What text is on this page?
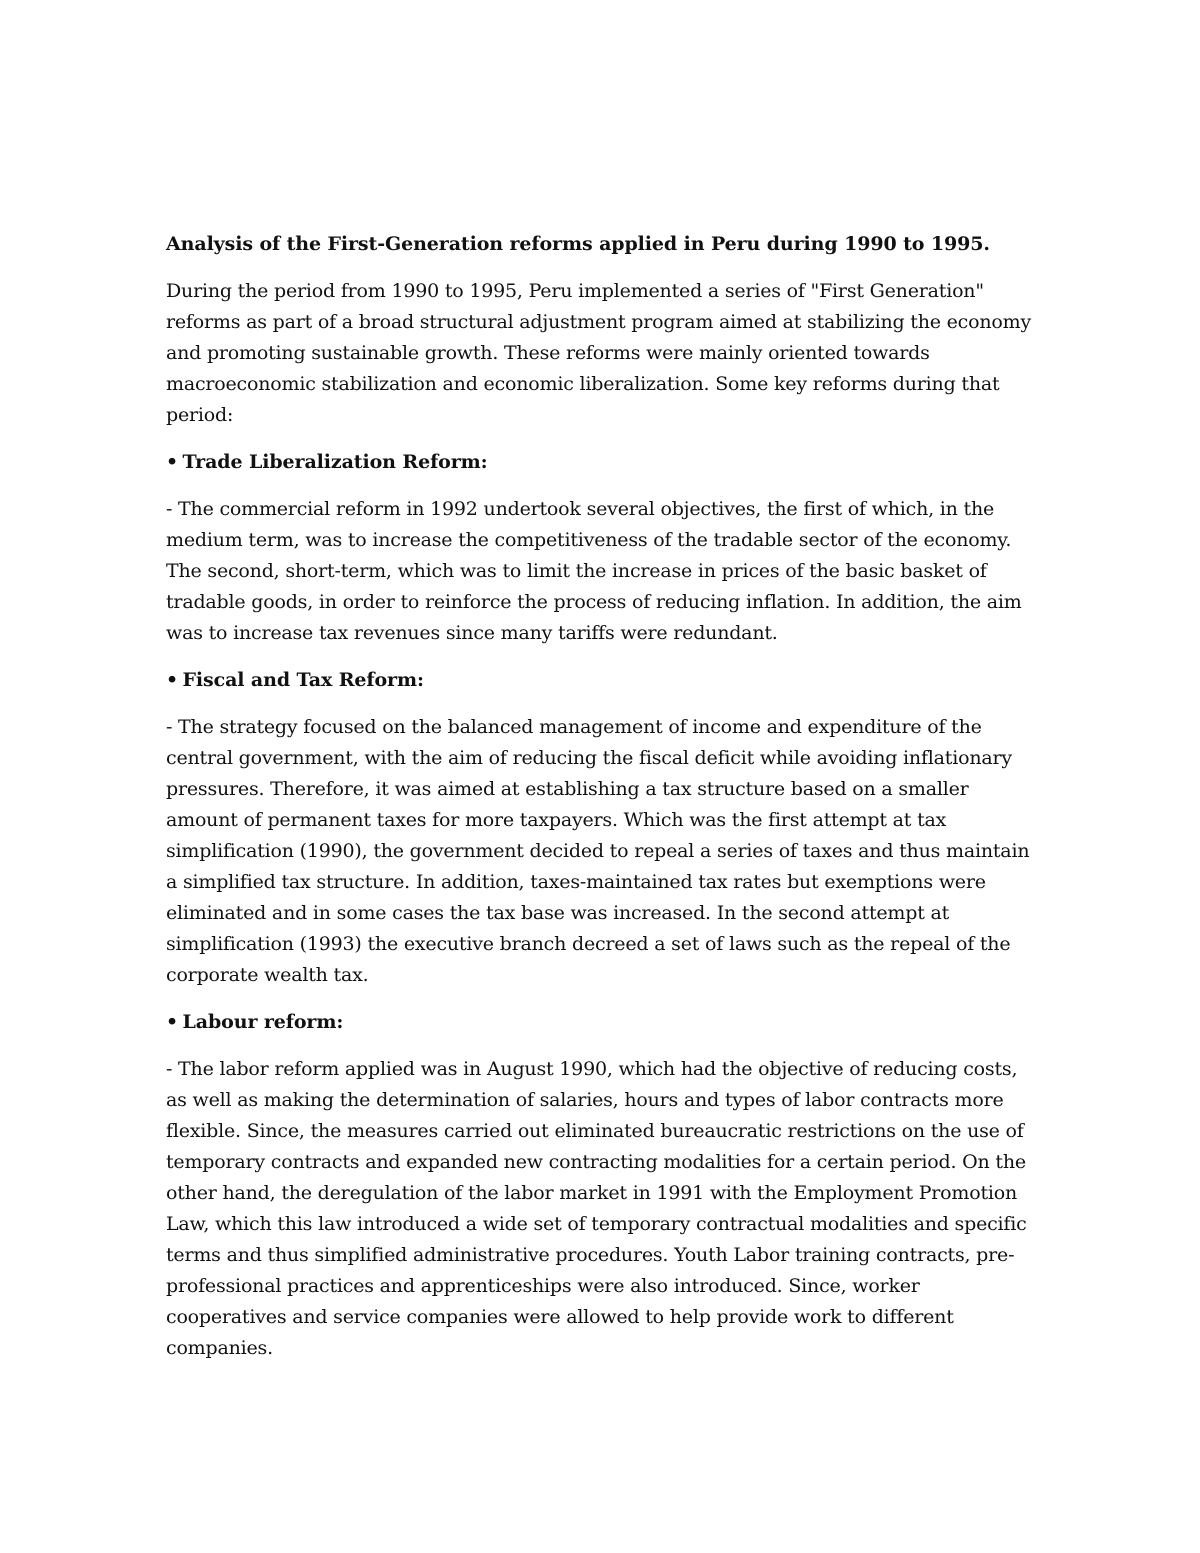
Analysis of the First-Generation reforms applied in Peru during 1990 to 1995.

During the period from 1990 to 1995, Peru implemented a series of "First Generation" reforms as part of a broad structural adjustment program aimed at stabilizing the economy and promoting sustainable growth. These reforms were mainly oriented towards macroeconomic stabilization and economic liberalization. Some key reforms during that period:

• Trade Liberalization Reform:

- The commercial reform in 1992 undertook several objectives, the first of which, in the medium term, was to increase the competitiveness of the tradable sector of the economy. The second, short-term, which was to limit the increase in prices of the basic basket of tradable goods, in order to reinforce the process of reducing inflation. In addition, the aim was to increase tax revenues since many tariffs were redundant.

• Fiscal and Tax Reform:

- The strategy focused on the balanced management of income and expenditure of the central government, with the aim of reducing the fiscal deficit while avoiding inflationary pressures. Therefore, it was aimed at establishing a tax structure based on a smaller amount of permanent taxes for more taxpayers. Which was the first attempt at tax simplification (1990), the government decided to repeal a series of taxes and thus maintain a simplified tax structure. In addition, taxes-maintained tax rates but exemptions were eliminated and in some cases the tax base was increased. In the second attempt at simplification (1993) the executive branch decreed a set of laws such as the repeal of the corporate wealth tax.

• Labour reform:

- The labor reform applied was in August 1990, which had the objective of reducing costs, as well as making the determination of salaries, hours and types of labor contracts more flexible. Since, the measures carried out eliminated bureaucratic restrictions on the use of temporary contracts and expanded new contracting modalities for a certain period. On the other hand, the deregulation of the labor market in 1991 with the Employment Promotion Law, which this law introduced a wide set of temporary contractual modalities and specific terms and thus simplified administrative procedures. Youth Labor training contracts, pre-professional practices and apprenticeships were also introduced. Since, worker cooperatives and service companies were allowed to help provide work to different companies.
